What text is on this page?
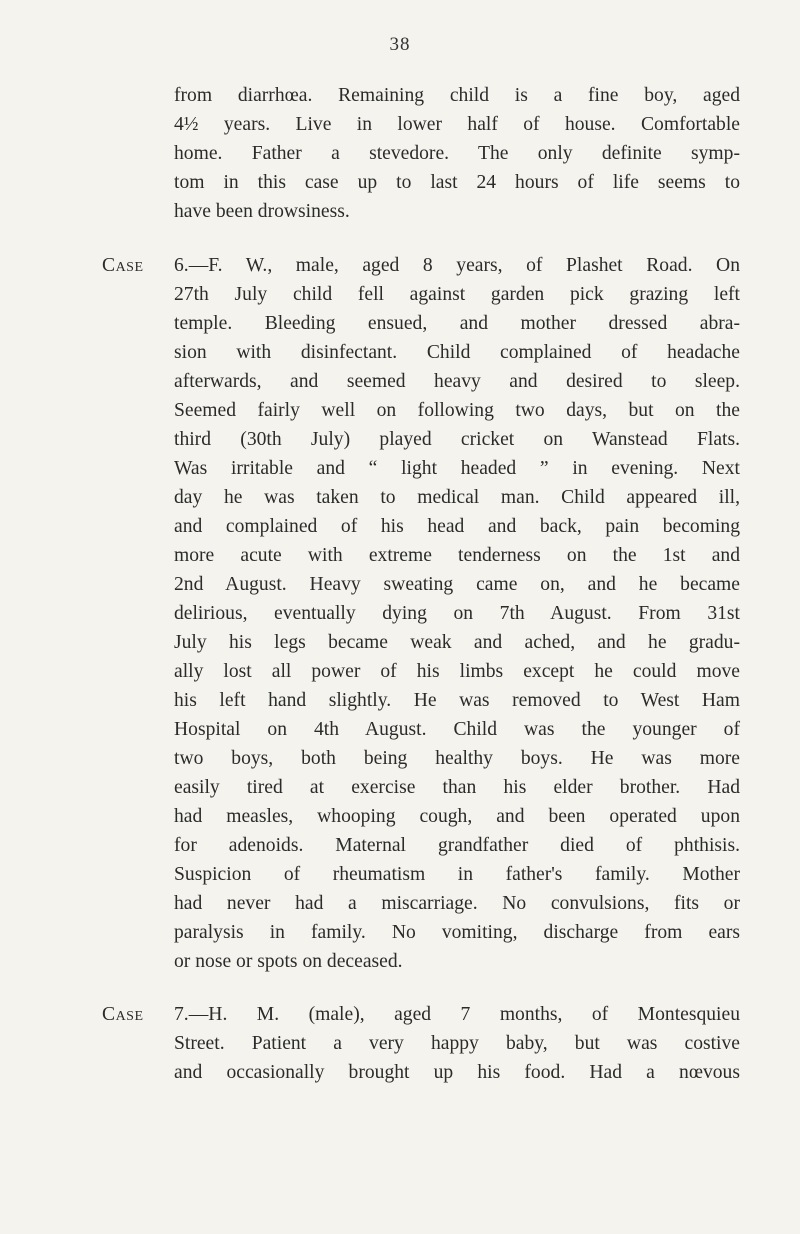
38
from diarrhœa. Remaining child is a fine boy, aged
4½ years. Live in lower half of house. Comfortable
home. Father a stevedore. The only definite symp-
tom in this case up to last 24 hours of life seems to
have been drowsiness.
Case 6.—F. W., male, aged 8 years, of Plashet Road. On
27th July child fell against garden pick grazing left
temple. Bleeding ensued, and mother dressed abra-
sion with disinfectant. Child complained of headache
afterwards, and seemed heavy and desired to sleep.
Seemed fairly well on following two days, but on the
third (30th July) played cricket on Wanstead Flats.
Was irritable and “ light headed ” in evening. Next
day he was taken to medical man. Child appeared ill,
and complained of his head and back, pain becoming
more acute with extreme tenderness on the 1st and
2nd August. Heavy sweating came on, and he became
delirious, eventually dying on 7th August. From 31st
July his legs became weak and ached, and he gradu-
ally lost all power of his limbs except he could move
his left hand slightly. He was removed to West Ham
Hospital on 4th August. Child was the younger of
two boys, both being healthy boys. He was more
easily tired at exercise than his elder brother. Had
had measles, whooping cough, and been operated upon
for adenoids. Maternal grandfather died of phthisis.
Suspicion of rheumatism in father's family. Mother
had never had a miscarriage. No convulsions, fits or
paralysis in family. No vomiting, discharge from ears
or nose or spots on deceased.
Case 7.—H. M. (male), aged 7 months, of Montesquieu
Street. Patient a very happy baby, but was costive
and occasionally brought up his food. Had a nœvous
